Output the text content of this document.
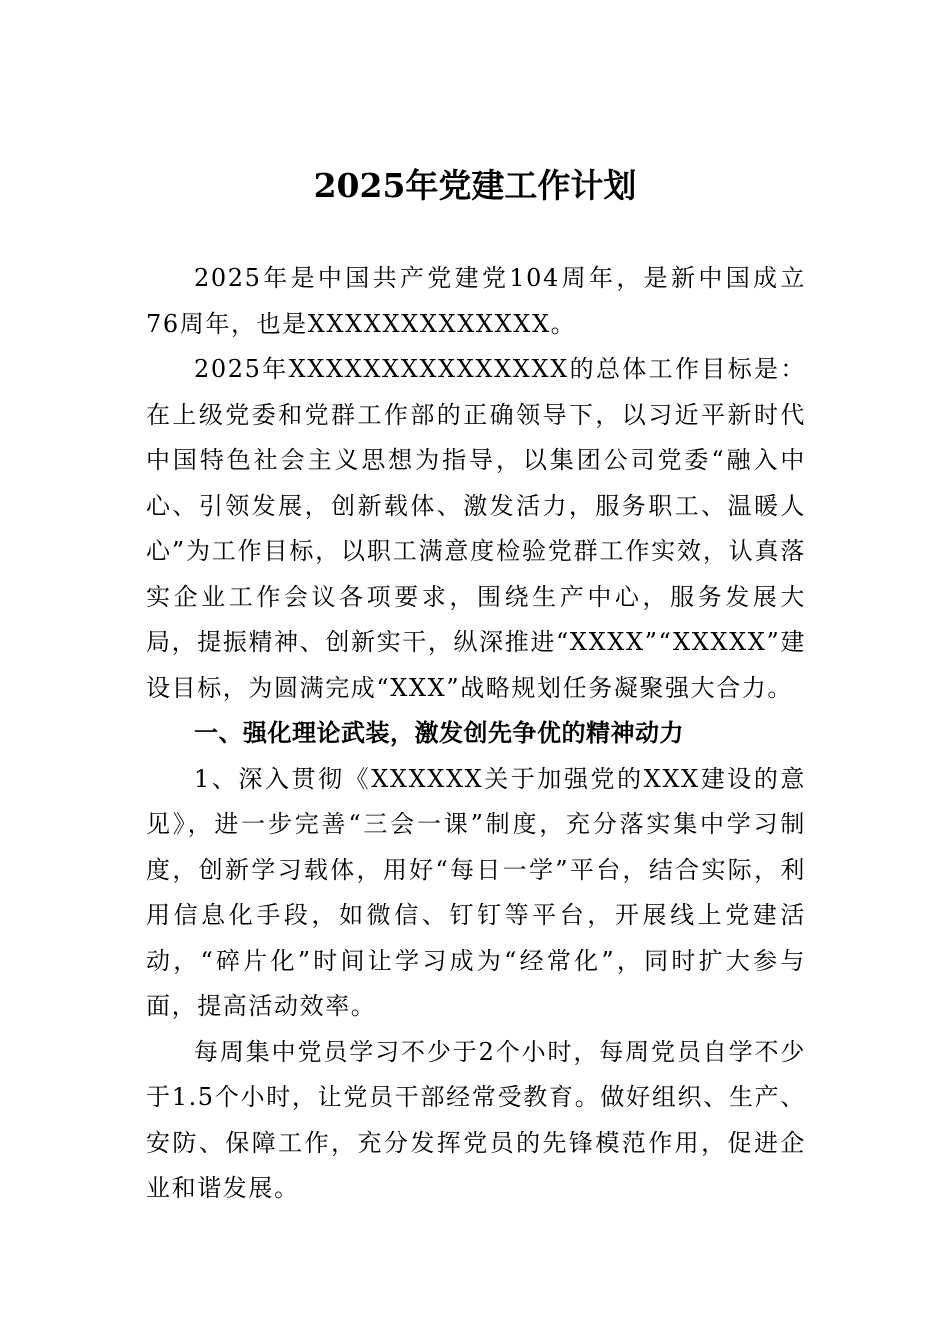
2025年党建工作计划

2025年是中国共产党建党104周年，是新中国成立76周年，也是XXXXXXXXXXXXX。

2025年XXXXXXXXXXXXXXX的总体工作目标是：在上级党委和党群工作部的正确领导下，以习近平新时代中国特色社会主义思想为指导，以集团公司党委“融入中心、引领发展，创新载体、激发活力，服务职工、温暖人心”为工作目标，以职工满意度检验党群工作实效，认真落实企业工作会议各项要求，围绕生产中心，服务发展大局，提振精神、创新实干，纵深推进“XXXX”“XXXXX”建设目标，为圆满完成“XXX”战略规划任务凝聚强大合力。

一、强化理论武装，激发创先争优的精神动力

1、深入贯彻《XXXXXX关于加强党的XXX建设的意见》，进一步完善“三会一课”制度，充分落实集中学习制度，创新学习载体，用好“每日一学”平台，结合实际，利用信息化手段，如微信、钉钉等平台，开展线上党建活动，“碎片化”时间让学习成为“经常化”，同时扩大参与面，提高活动效率。

每周集中党员学习不少于2个小时，每周党员自学不少于1.5个小时，让党员干部经常受教育。做好组织、生产、安防、保障工作，充分发挥党员的先锋模范作用，促进企业和谐发展。
